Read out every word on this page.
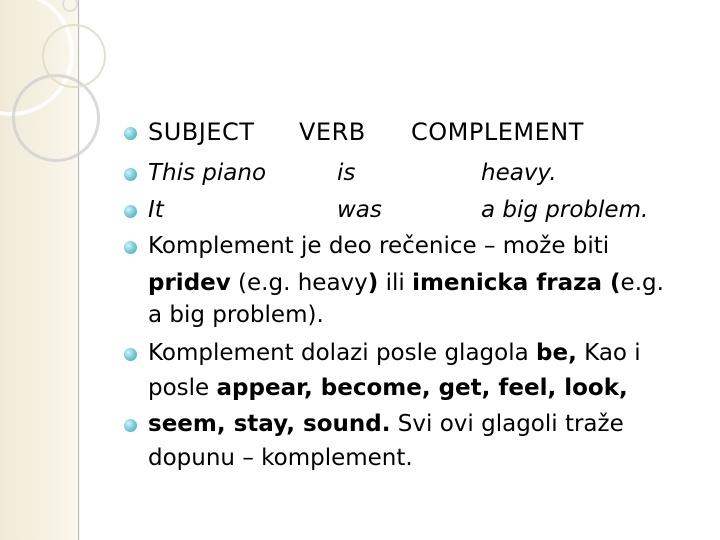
SUBJECT VERB COMPLEMENT
This piano	is	heavy.
It	was	a big problem.
Komplement je deo rečenice – može biti
pridev (e.g. heavy) ili imenicka fraza (e.g.
a big problem).
Komplement dolazi posle glagola be, Kao i
posle appear, become, get, feel, look,
seem, stay, sound. Svi ovi glagoli traže
dopunu – komplement.
